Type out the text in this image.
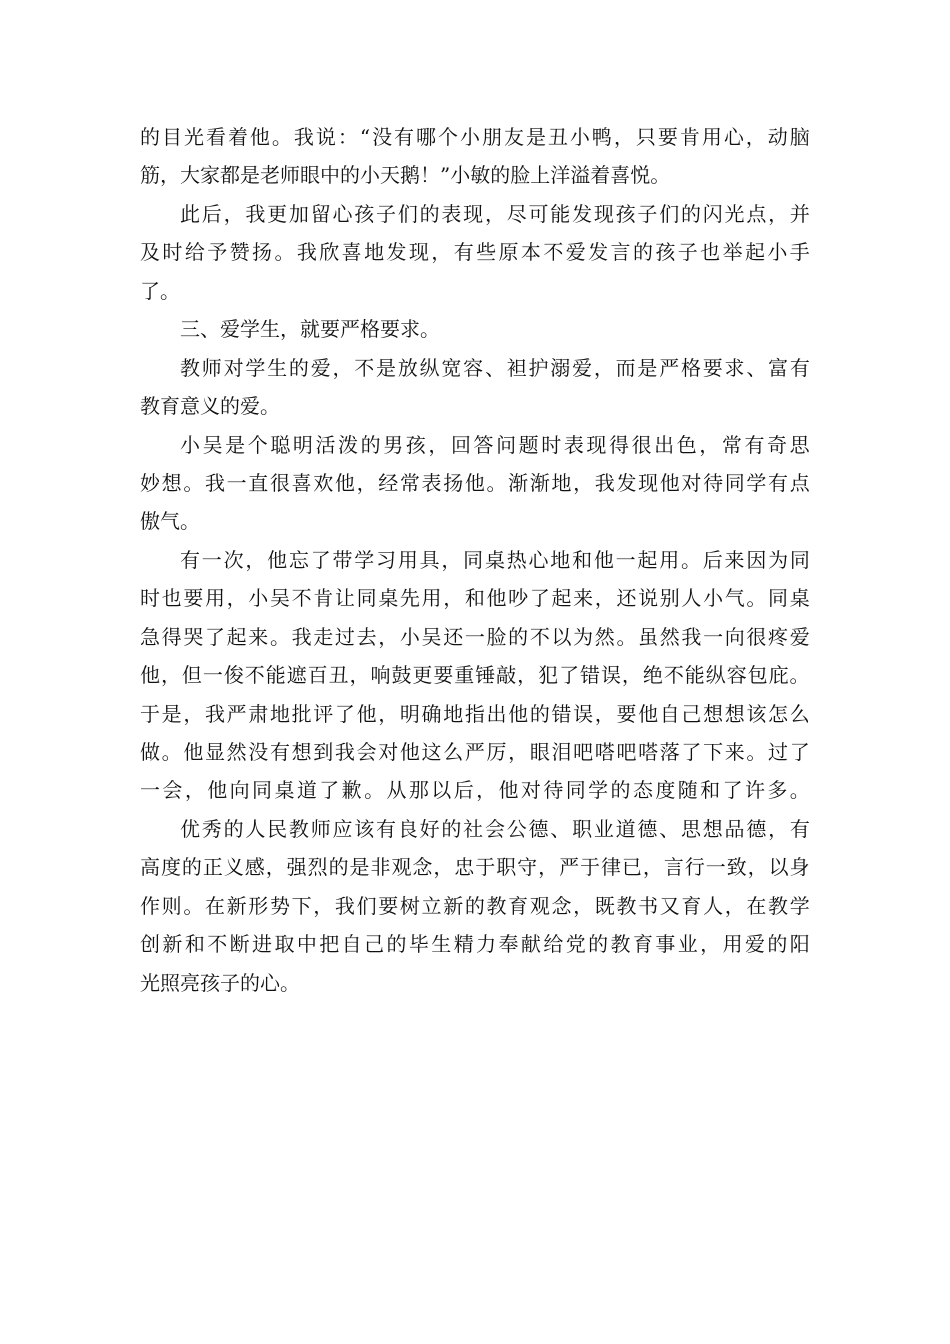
的 目 光 看 着 他 。 我 说 ： “ 没 有 哪 个 小 朋 友 是 丑 小 鸭 ， 只 要 肯 用 心 ， 动 脑
筋，大家都是老师眼中的小天鹅！”小敏的脸上洋溢着喜悦。
此 后 ， 我 更 加 留 心 孩 子 们 的 表 现 ， 尽 可 能 发 现 孩 子 们 的 闪 光 点 ， 并
及 时 给 予 赞 扬 。 我 欣 喜 地 发 现 ， 有 些 原 本 不 爱 发 言 的 孩 子 也 举 起 小 手
了。
三、爱学生，就要严格要求。
教 师 对 学 生 的 爱 ， 不 是 放 纵 宽 容 、 袒 护 溺 爱 ， 而 是 严 格 要 求 、 富 有
教育意义的爱。
小 吴 是 个 聪 明 活 泼 的 男 孩 ， 回 答 问 题 时 表 现 得 很 出 色 ， 常 有 奇 思
妙 想 。 我 一 直 很 喜 欢 他 ， 经 常 表 扬 他 。 渐 渐 地 ， 我 发 现 他 对 待 同 学 有 点
傲气。
有 一 次 ， 他 忘 了 带 学 习 用 具 ， 同 桌 热 心 地 和 他 一 起 用 。 后 来 因 为 同
时 也 要 用 ， 小 吴 不 肯 让 同 桌 先 用 ， 和 他 吵 了 起 来 ， 还 说 别 人 小 气 。 同 桌
急 得 哭 了 起 来 。 我 走 过 去 ， 小 吴 还 一 脸 的 不 以 为 然 。 虽 然 我 一 向 很 疼 爱
他 ， 但 一 俊 不 能 遮 百 丑 ， 响 鼓 更 要 重 锤 敲 ， 犯 了 错 误 ， 绝 不 能 纵 容 包 庇 。
于 是 ， 我 严 肃 地 批 评 了 他 ， 明 确 地 指 出 他 的 错 误 ， 要 他 自 己 想 想 该 怎 么
做 。 他 显 然 没 有 想 到 我 会 对 他 这 么 严 厉 ， 眼 泪 吧 嗒 吧 嗒 落 了 下 来 。 过 了
一 会 ， 他 向 同 桌 道 了 歉 。 从 那 以 后 ， 他 对 待 同 学 的 态 度 随 和 了 许 多 。
优 秀 的 人 民 教 师 应 该 有 良 好 的 社 会 公 德 、 职 业 道 德 、 思 想 品 德 ， 有
高 度 的 正 义 感 ， 强 烈 的 是 非 观 念 ， 忠 于 职 守 ， 严 于 律 已 ， 言 行 一 致 ， 以 身
作 则 。 在 新 形 势 下 ， 我 们 要 树 立 新 的 教 育 观 念 ， 既 教 书 又 育 人 ， 在 教 学
创 新 和 不 断 进 取 中 把 自 己 的 毕 生 精 力 奉 献 给 党 的 教 育 事 业 ， 用 爱 的 阳
光照亮孩子的心。
